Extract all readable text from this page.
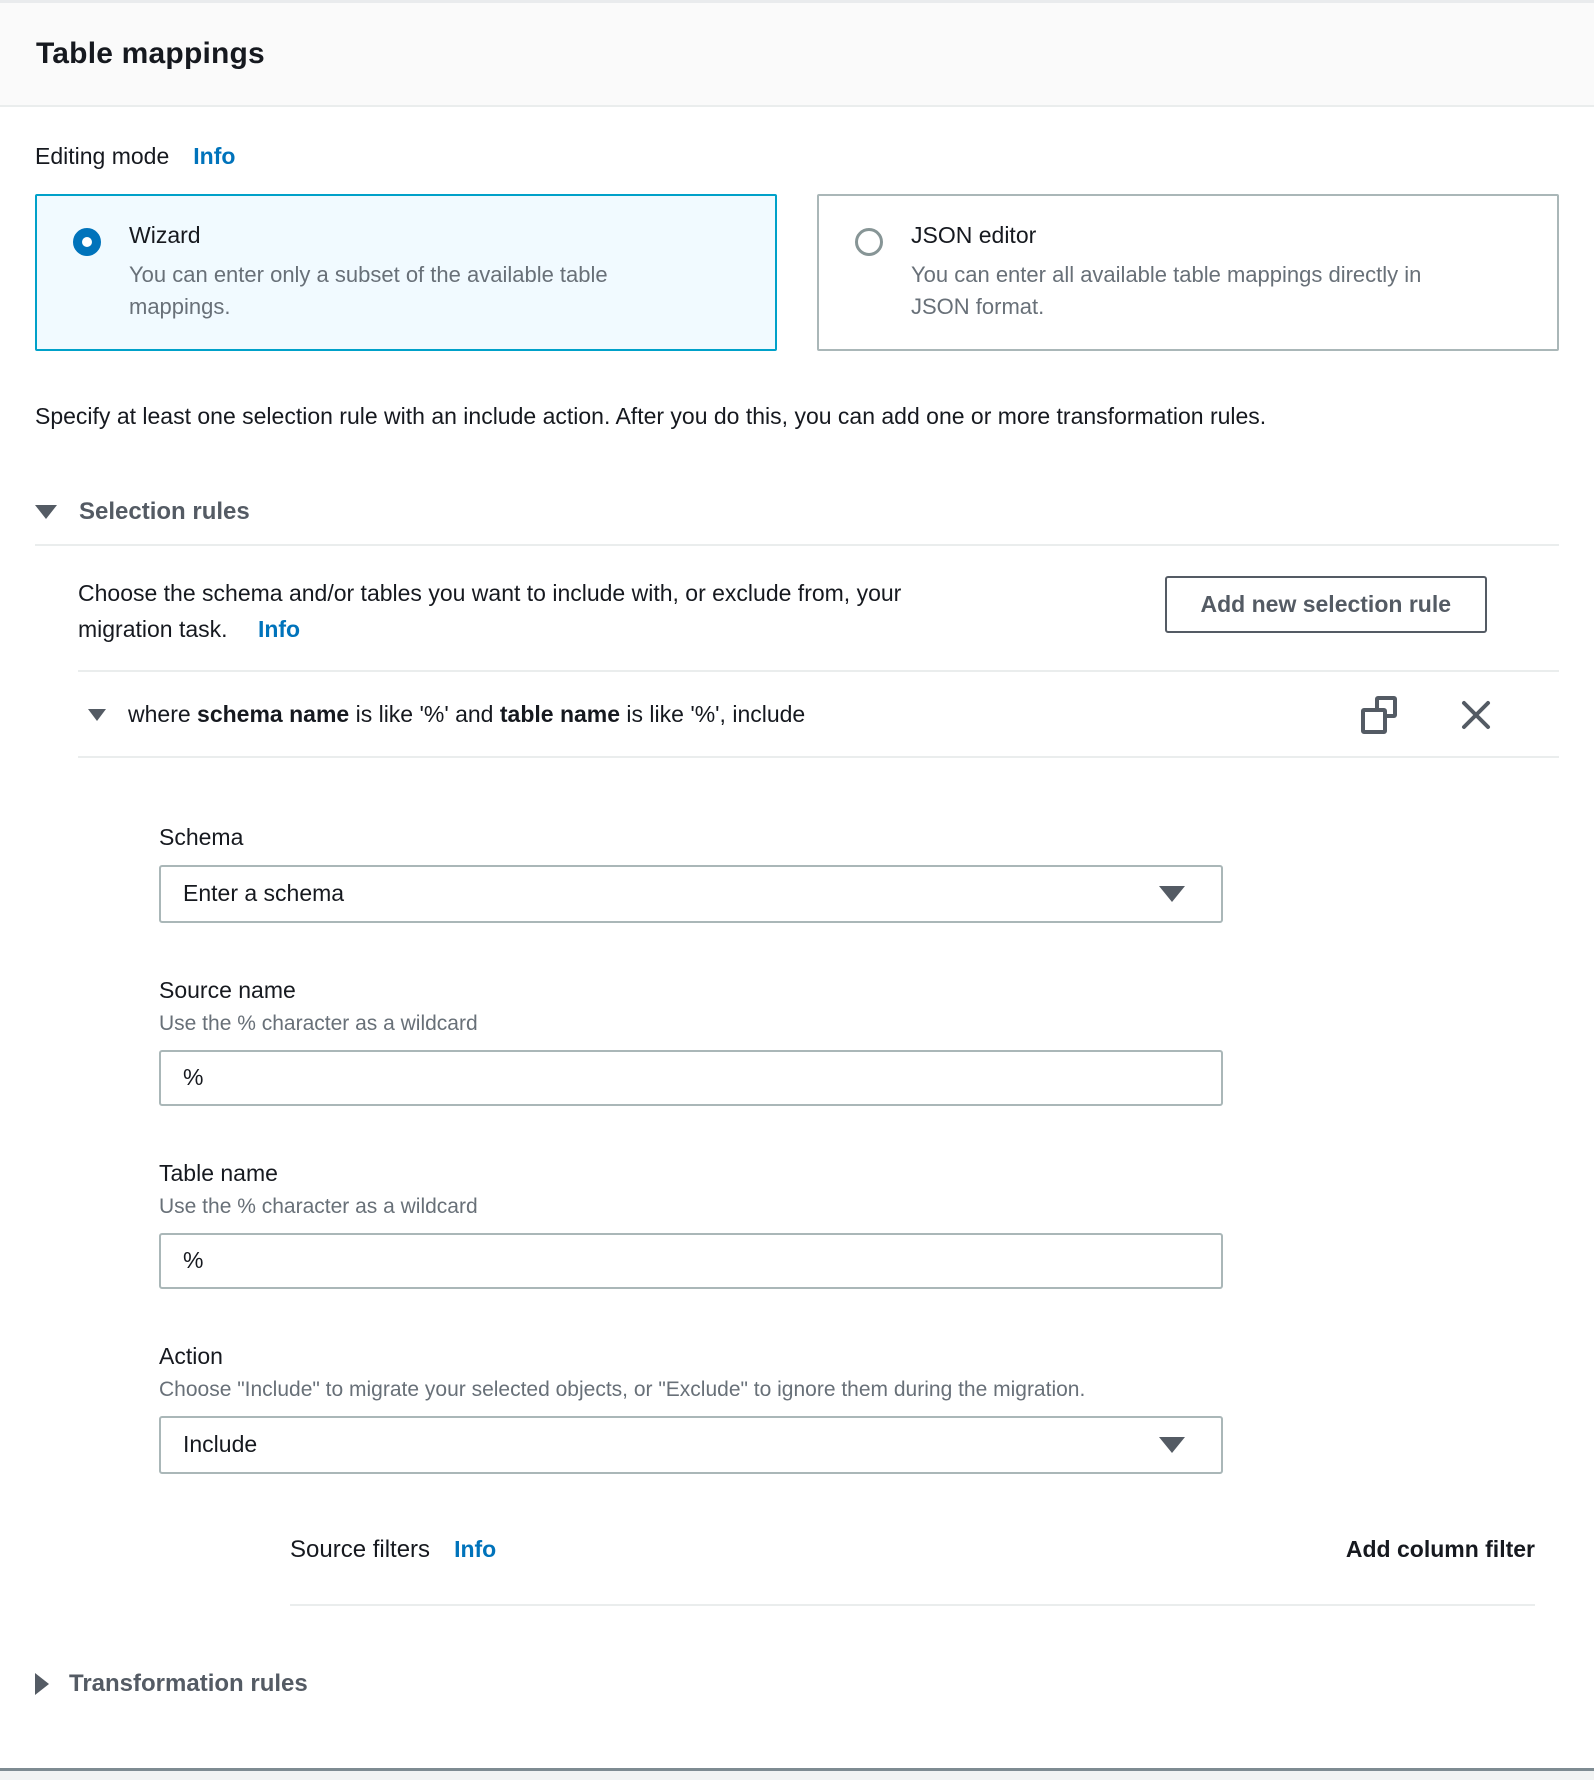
Table mappings
Editing mode Info
Wizard
You can enter only a subset of the available table mappings.
JSON editor
You can enter all available table mappings directly in JSON format.

Specify at least one selection rule with an include action. After you do this, you can add one or more transformation rules.

Selection rules
Choose the schema and/or tables you want to include with, or exclude from, your migration task. Info
Add new selection rule
where schema name is like '%' and table name is like '%', include
Schema
Enter a schema
Source name
Use the % character as a wildcard
%
Table name
Use the % character as a wildcard
%
Action
Choose "Include" to migrate your selected objects, or "Exclude" to ignore them during the migration.
Include
Source filters Info	Add column filter
Transformation rules
